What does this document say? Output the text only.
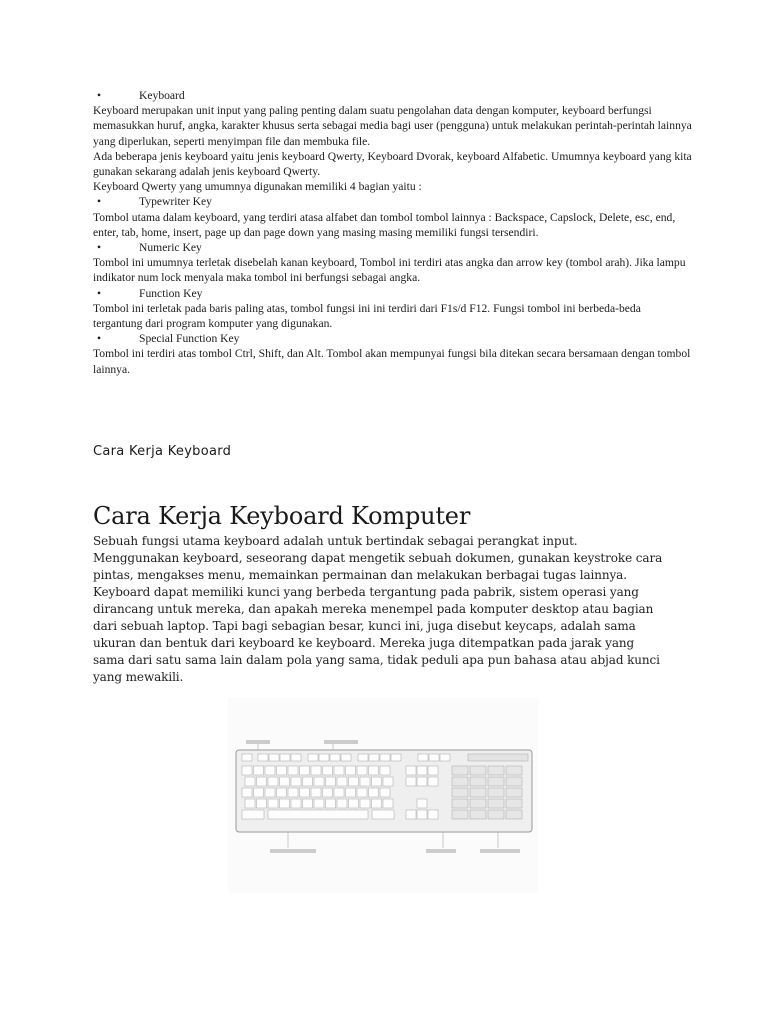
•	Keyboard

Keyboard merupakan unit input yang paling penting dalam suatu pengolahan data dengan komputer, keyboard berfungsi memasukkan huruf, angka, karakter khusus serta sebagai media bagi user (pengguna) untuk melakukan perintah-perintah lainnya yang diperlukan, seperti menyimpan file dan membuka file.

Ada beberapa jenis keyboard yaitu jenis keyboard Qwerty, Keyboard Dvorak, keyboard Alfabetic. Umumnya keyboard yang kita gunakan sekarang adalah jenis keyboard Qwerty.

Keyboard Qwerty yang umumnya digunakan memiliki 4 bagian yaitu :

•	Typewriter Key

Tombol utama dalam keyboard, yang terdiri atasa alfabet dan tombol tombol lainnya : Backspace, Capslock, Delete, esc, end, enter, tab, home, insert, page up dan page down yang masing masing memiliki fungsi tersendiri.

•	Numeric Key

Tombol ini umumnya terletak disebelah kanan keyboard, Tombol ini terdiri atas angka dan arrow key (tombol arah). Jika lampu indikator num lock menyala maka tombol ini berfungsi sebagai angka.

•	Function Key

Tombol ini terletak pada baris paling atas, tombol fungsi ini ini terdiri dari F1s/d F12. Fungsi tombol ini berbeda-beda tergantung dari program komputer yang digunakan.

•	Special Function Key

Tombol ini terdiri atas tombol Ctrl, Shift, dan Alt. Tombol akan mempunyai fungsi bila ditekan secara bersamaan dengan tombol lainnya.

Cara Kerja Keyboard
Cara Kerja Keyboard Komputer

Sebuah fungsi utama keyboard adalah untuk bertindak sebagai perangkat input.

Menggunakan keyboard, seseorang dapat mengetik sebuah dokumen, gunakan keystroke cara

pintas, mengakses menu, memainkan permainan dan melakukan berbagai tugas lainnya.

Keyboard dapat memiliki kunci yang berbeda tergantung pada pabrik, sistem operasi yang

dirancang untuk mereka, dan apakah mereka menempel pada komputer desktop atau bagian

dari sebuah laptop. Tapi bagi sebagian besar, kunci ini, juga disebut keycaps, adalah sama

ukuran dan bentuk dari keyboard ke keyboard. Mereka juga ditempatkan pada jarak yang

sama dari satu sama lain dalam pola yang sama, tidak peduli apa pun bahasa atau abjad kunci

yang mewakili.
